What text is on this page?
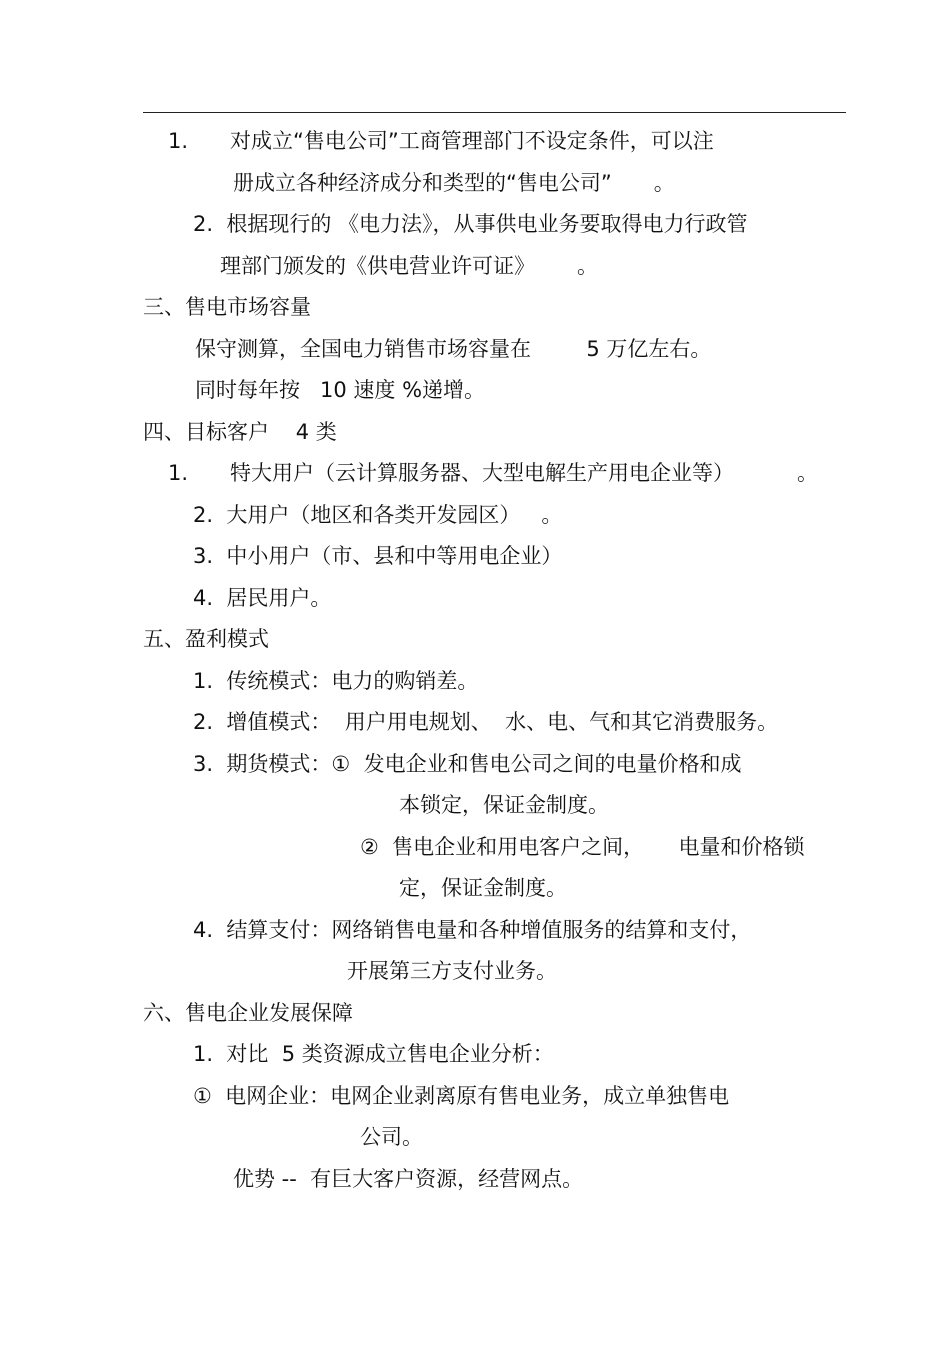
1.  对成立“售电公司”工商管理部门不设定条件，可以注
册成立各种经济成分和类型的“售电公司”  。
2.  根据现行的 《电力法》，从事供电业务要取得电力行政管
理部门颁发的《供电营业许可证》  。
三、售电市场容量
保守测算，全国电力销售市场容量在    5 万亿左右。
同时每年按   10 速度 %递增。
四、目标客户    4 类
1.  特大用户（云计算服务器、大型电解生产用电企业等）   。
2.  大用户（地区和各类开发园区） 。
3.  中小用户（市、县和中等用电企业）
4.  居民用户。
五、盈利模式
1.  传统模式：电力的购销差。
2.  增值模式：  用户用电规划、  水、电、气和其它消费服务。
3.  期货模式：①  发电企业和售电公司之间的电量价格和成
本锁定，保证金制度。
②  售电企业和用电客户之间，   电量和价格锁
定，保证金制度。
4.  结算支付：网络销售电量和各种增值服务的结算和支付，
开展第三方支付业务。
六、售电企业发展保障
1.  对比  5 类资源成立售电企业分析：
①  电网企业：电网企业剥离原有售电业务，成立单独售电
公司。
优势 --  有巨大客户资源，经营网点。
